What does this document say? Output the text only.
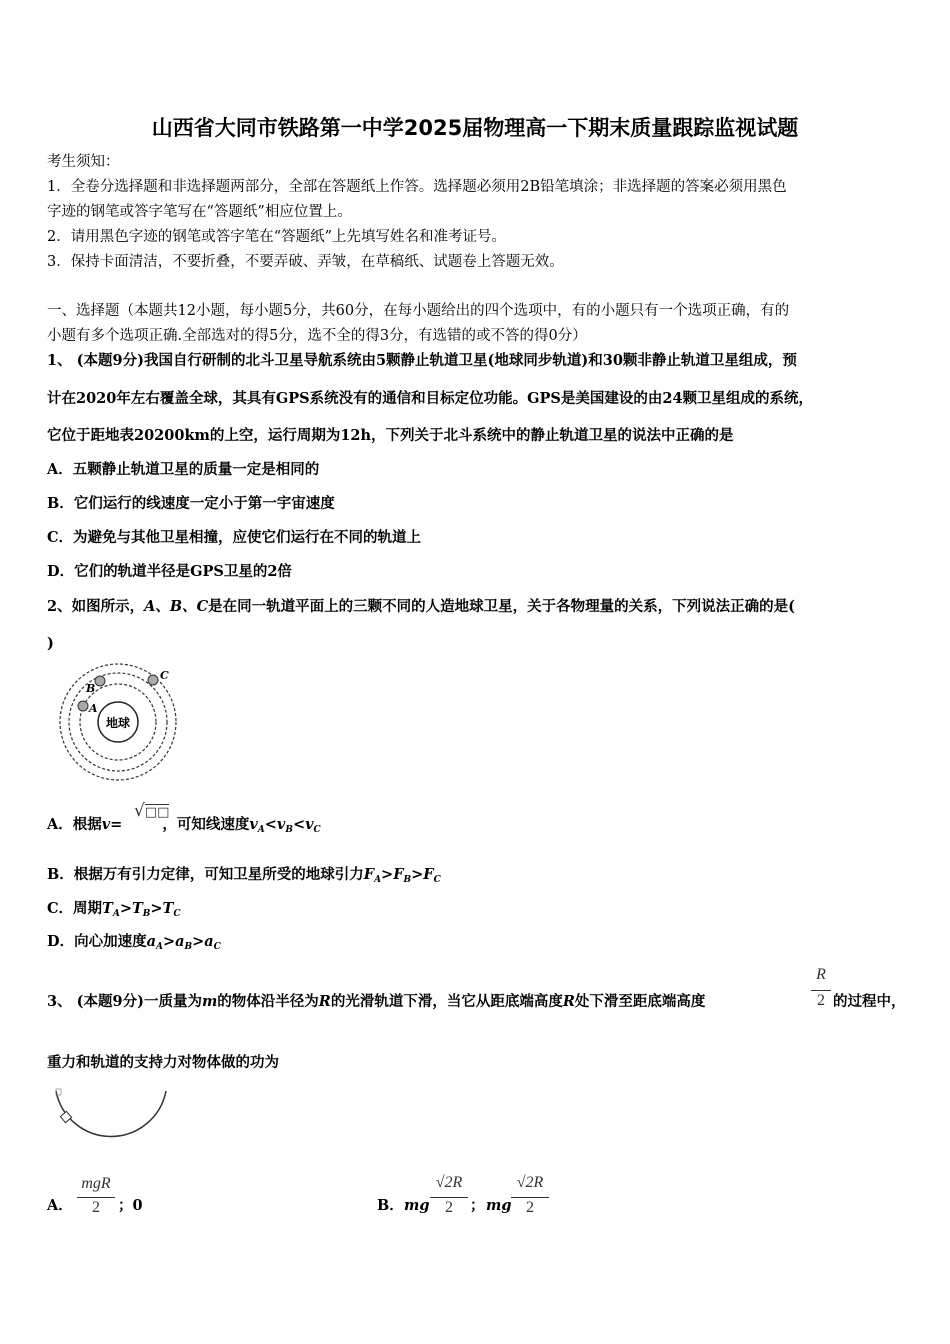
山西省大同市铁路第一中学2025届物理高一下期末质量跟踪监视试题
考生须知：
1．全卷分选择题和非选择题两部分，全部在答题纸上作答。选择题必须用2B铅笔填涂；非选择题的答案必须用黑色
字迹的钢笔或答字笔写在“答题纸”相应位置上。
2．请用黑色字迹的钢笔或答字笔在“答题纸”上先填写姓名和准考证号。
3．保持卡面清洁，不要折叠，不要弄破、弄皱，在草稿纸、试题卷上答题无效。
一、选择题（本题共12小题，每小题5分，共60分，在每小题给出的四个选项中，有的小题只有一个选项正确，有的
小题有多个选项正确.全部选对的得5分，选不全的得3分，有选错的或不答的得0分）
1、 (本题9分)我国自行研制的北斗卫星导航系统由5颗静止轨道卫星(地球同步轨道)和30颗非静止轨道卫星组成，预
计在2020年左右覆盖全球，其具有GPS系统没有的通信和目标定位功能。GPS是美国建设的由24颗卫星组成的系统，
它位于距地表20200km的上空，运行周期为12h，下列关于北斗系统中的静止轨道卫星的说法中正确的是
A．五颗静止轨道卫星的质量一定是相同的
B．它们运行的线速度一定小于第一宇宙速度
C．为避免与其他卫星相撞，应使它们运行在不同的轨道上
D．它们的轨道半径是GPS卫星的2倍
2、如图所示，A、B、C是在同一轨道平面上的三颗不同的人造地球卫星，关于各物理量的关系，下列说法正确的是(
)
地球
A
B
C
A．根据v=	，可知线速度$v_A<v_B<v_C$
√□□
B．根据万有引力定律，可知卫星所受的地球引力$F_A>F_B>F_C$
C．周期$T_A>T_B>T_C$
D．向心加速度$a_A>a_B>a_C$
3、 (本题9分)一质量为m的物体沿半径为R的光滑轨道下滑，当它从距底端高度R处下滑至距底端高度
R
2 的过程中，
重力和轨道的支持力对物体做的功为
A．
mgR
2	；0	B． mg
√2R
2	； mg
√2R
2
